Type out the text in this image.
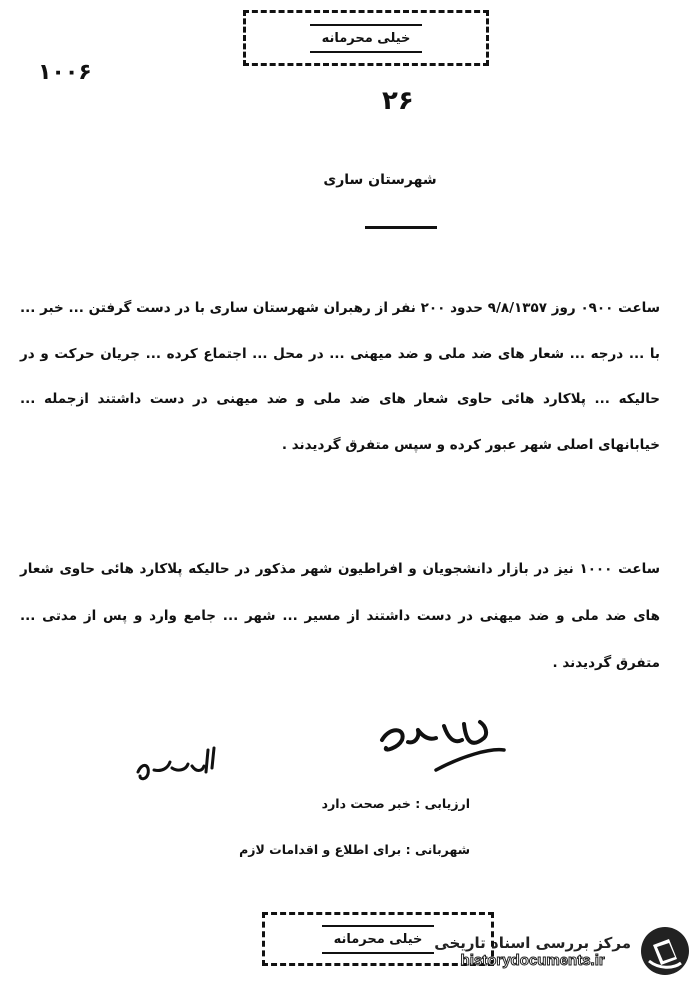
خیلی محرمانه
۱۰۰۶
۲۶
شهرستان ساری
ساعت ۰۹۰۰ روز ۹/۸/۱۳۵۷ حدود ۲۰۰ نفر از رهبران شهرستان ساری با در دست گرفتن ... خبر ... با ... درجه ... شعار های ضد ملی و ضد میهنی ... در محل ... اجتماع کرده ... جریان حرکت و در حالیکه ... پلاکارد هائی حاوی شعار های ضد ملی و ضد میهنی در دست داشتند ازجمله ... خیابانهای اصلی شهر عبور کرده و سپس متفرق گردیدند .
ساعت ۱۰۰۰ نیز در بازار دانشجویان و افراطیون شهر مذکور در حالیکه پلاکارد هائی حاوی شعار های ضد ملی و ضد میهنی در دست داشتند از مسیر ... شهر ... جامع وارد و پس از مدتی ... متفرق گردیدند .
ارزیابی : خبر صحت دارد
شهربانی : برای اطلاع و اقدامات لازم
خیلی محرمانه مرکز بررسی اسناد تاریخی
historydocuments.ir
